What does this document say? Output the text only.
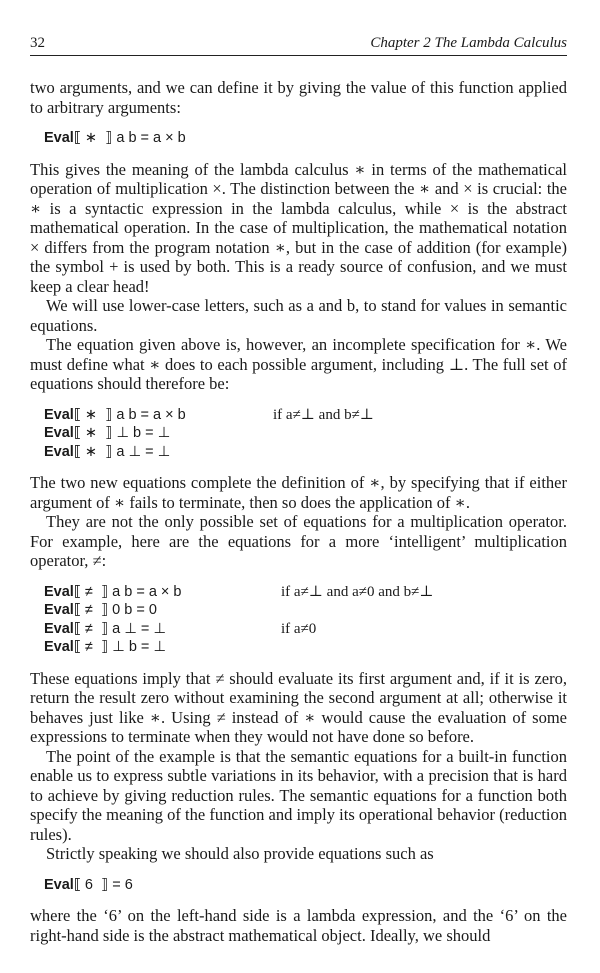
32	Chapter 2 The Lambda Calculus

two arguments, and we can define it by giving the value of this function applied to arbitrary arguments:

Eval⟦ ∗  ⟧ a b = a × b

This gives the meaning of the lambda calculus ∗ in terms of the mathematical operation of multiplication ×. The distinction between the ∗ and × is crucial: the ∗ is a syntactic expression in the lambda calculus, while × is the abstract mathematical operation. In the case of multiplication, the mathematical notation × differs from the program notation ∗, but in the case of addition (for example) the symbol + is used by both. This is a ready source of confusion, and we must keep a clear head!

We will use lower-case letters, such as a and b, to stand for values in semantic equations.

The equation given above is, however, an incomplete specification for ∗. We must define what ∗ does to each possible argument, including ⊥. The full set of equations should therefore be:

Eval⟦ ∗  ⟧ a b = a × b	if a≠⊥ and b≠⊥
Eval⟦ ∗  ⟧ ⊥ b = ⊥
Eval⟦ ∗  ⟧ a ⊥ = ⊥

The two new equations complete the definition of ∗, by specifying that if either argument of ∗ fails to terminate, then so does the application of ∗.

They are not the only possible set of equations for a multiplication operator. For example, here are the equations for a more ‘intelligent’ multiplication operator, ≠:

Eval⟦ ≠  ⟧ a b = a × b	if a≠⊥ and a≠0 and b≠⊥
Eval⟦ ≠  ⟧ 0 b = 0
Eval⟦ ≠  ⟧ a ⊥ = ⊥	if a≠0
Eval⟦ ≠  ⟧ ⊥ b = ⊥

These equations imply that ≠ should evaluate its first argument and, if it is zero, return the result zero without examining the second argument at all; otherwise it behaves just like ∗. Using ≠ instead of ∗ would cause the evaluation of some expressions to terminate when they would not have done so before.

The point of the example is that the semantic equations for a built-in function enable us to express subtle variations in its behavior, with a precision that is hard to achieve by giving reduction rules. The semantic equations for a function both specify the meaning of the function and imply its operational behavior (reduction rules).

Strictly speaking we should also provide equations such as

Eval⟦ 6  ⟧ = 6

where the ‘6’ on the left-hand side is a lambda expression, and the ‘6’ on the right-hand side is the abstract mathematical object. Ideally, we should
